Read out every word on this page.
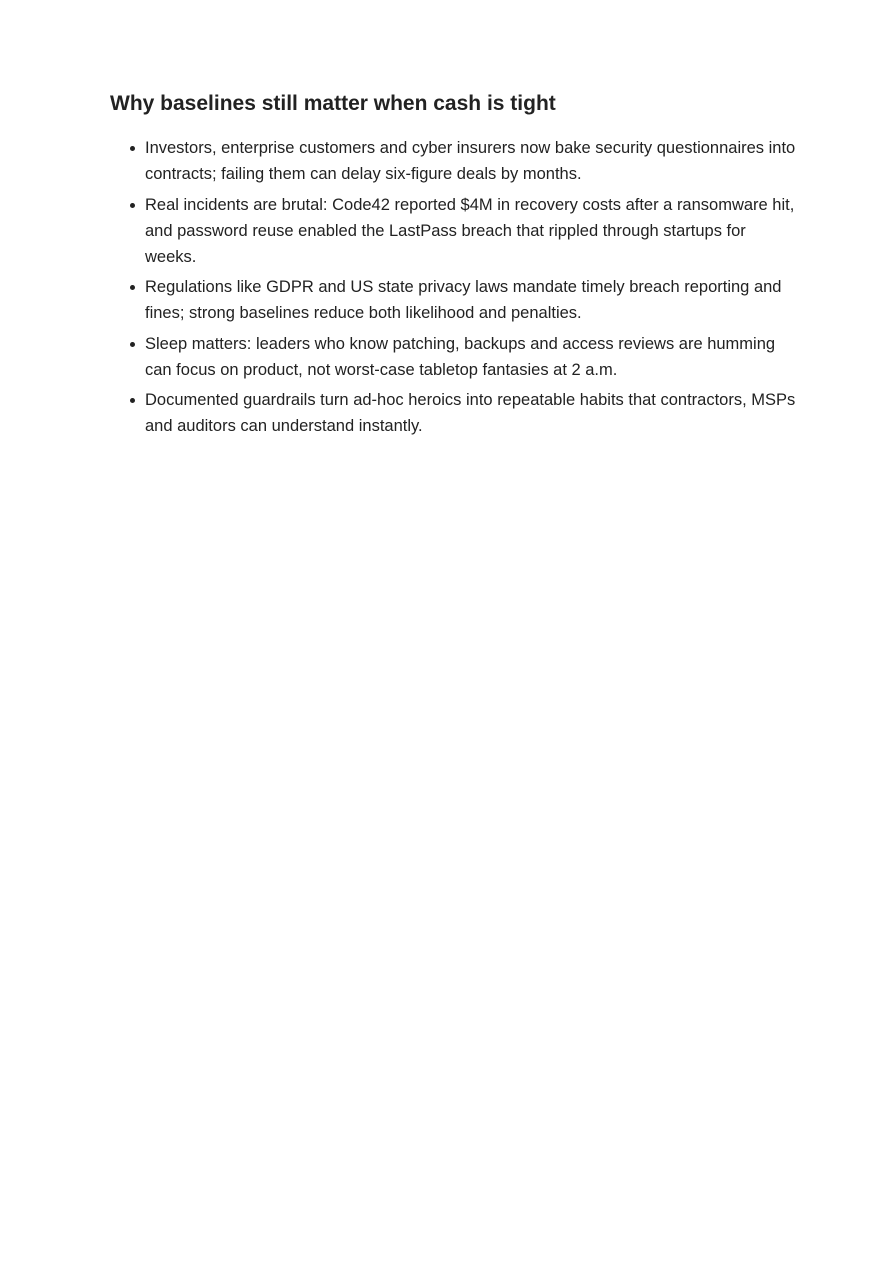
Why baselines still matter when cash is tight
Investors, enterprise customers and cyber insurers now bake security questionnaires into contracts; failing them can delay six-figure deals by months.
Real incidents are brutal: Code42 reported $4M in recovery costs after a ransomware hit, and password reuse enabled the LastPass breach that rippled through startups for weeks.
Regulations like GDPR and US state privacy laws mandate timely breach reporting and fines; strong baselines reduce both likelihood and penalties.
Sleep matters: leaders who know patching, backups and access reviews are humming can focus on product, not worst-case tabletop fantasies at 2 a.m.
Documented guardrails turn ad-hoc heroics into repeatable habits that contractors, MSPs and auditors can understand instantly.
